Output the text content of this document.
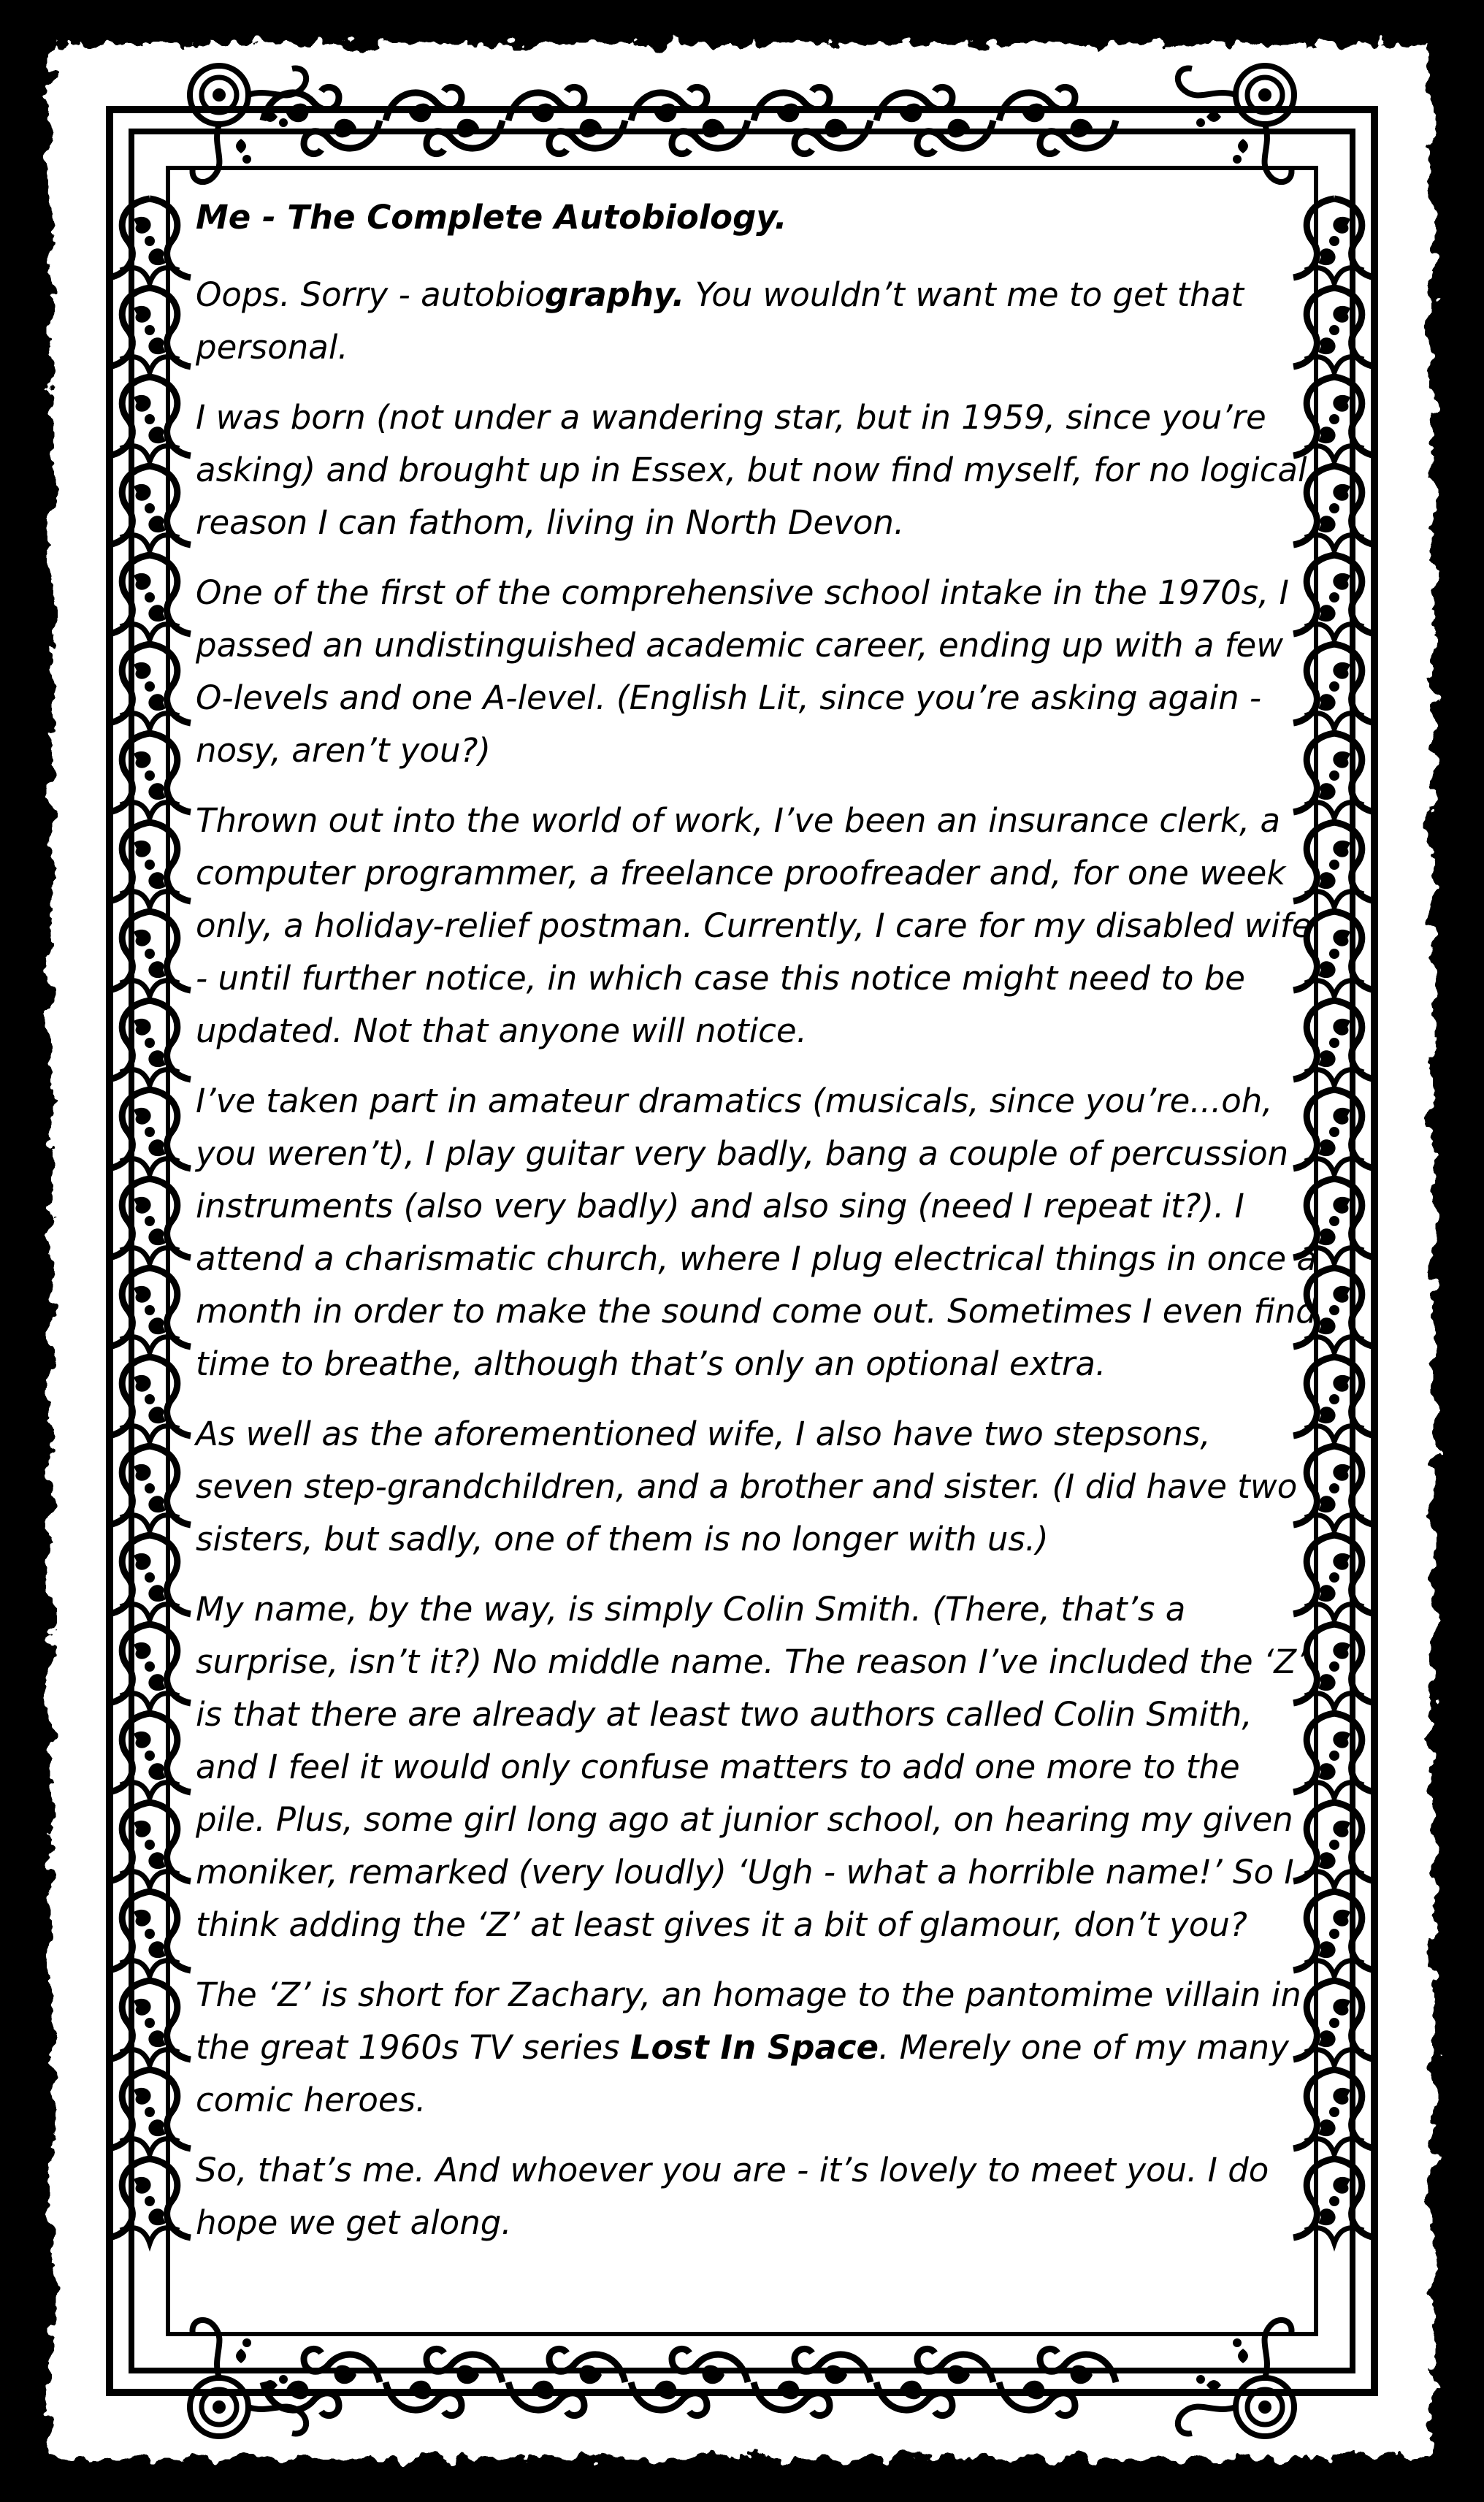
Me - The Complete Autobiology.

Oops. Sorry - autobiography. You wouldn’t want me to get that personal.

I was born (not under a wandering star, but in 1959, since you’re asking) and brought up in Essex, but now find myself, for no logical reason I can fathom, living in North Devon.

One of the first of the comprehensive school intake in the 1970s, I passed an undistinguished academic career, ending up with a few O-levels and one A-level. (English Lit, since you’re asking again - nosy, aren’t you?)

Thrown out into the world of work, I’ve been an insurance clerk, a computer programmer, a freelance proofreader and, for one week only, a holiday-relief postman. Currently, I care for my disabled wife - until further notice, in which case this notice might need to be updated. Not that anyone will notice.

I’ve taken part in amateur dramatics (musicals, since you’re...oh, you weren’t), I play guitar very badly, bang a couple of percussion instruments (also very badly) and also sing (need I repeat it?). I attend a charismatic church, where I plug electrical things in once a month in order to make the sound come out. Sometimes I even find time to breathe, although that’s only an optional extra.

As well as the aforementioned wife, I also have two stepsons, seven step-grandchildren, and a brother and sister. (I did have two sisters, but sadly, one of them is no longer with us.)

My name, by the way, is simply Colin Smith. (There, that’s a surprise, isn’t it?) No middle name. The reason I’ve included the ‘Z’ is that there are already at least two authors called Colin Smith, and I feel it would only confuse matters to add one more to the pile. Plus, some girl long ago at junior school, on hearing my given moniker, remarked (very loudly) ‘Ugh - what a horrible name!’ So I think adding the ‘Z’ at least gives it a bit of glamour, don’t you?

The ‘Z’ is short for Zachary, an homage to the pantomime villain in the great 1960s TV series Lost In Space. Merely one of my many comic heroes.

So, that’s me. And whoever you are - it’s lovely to meet you. I do hope we get along.
